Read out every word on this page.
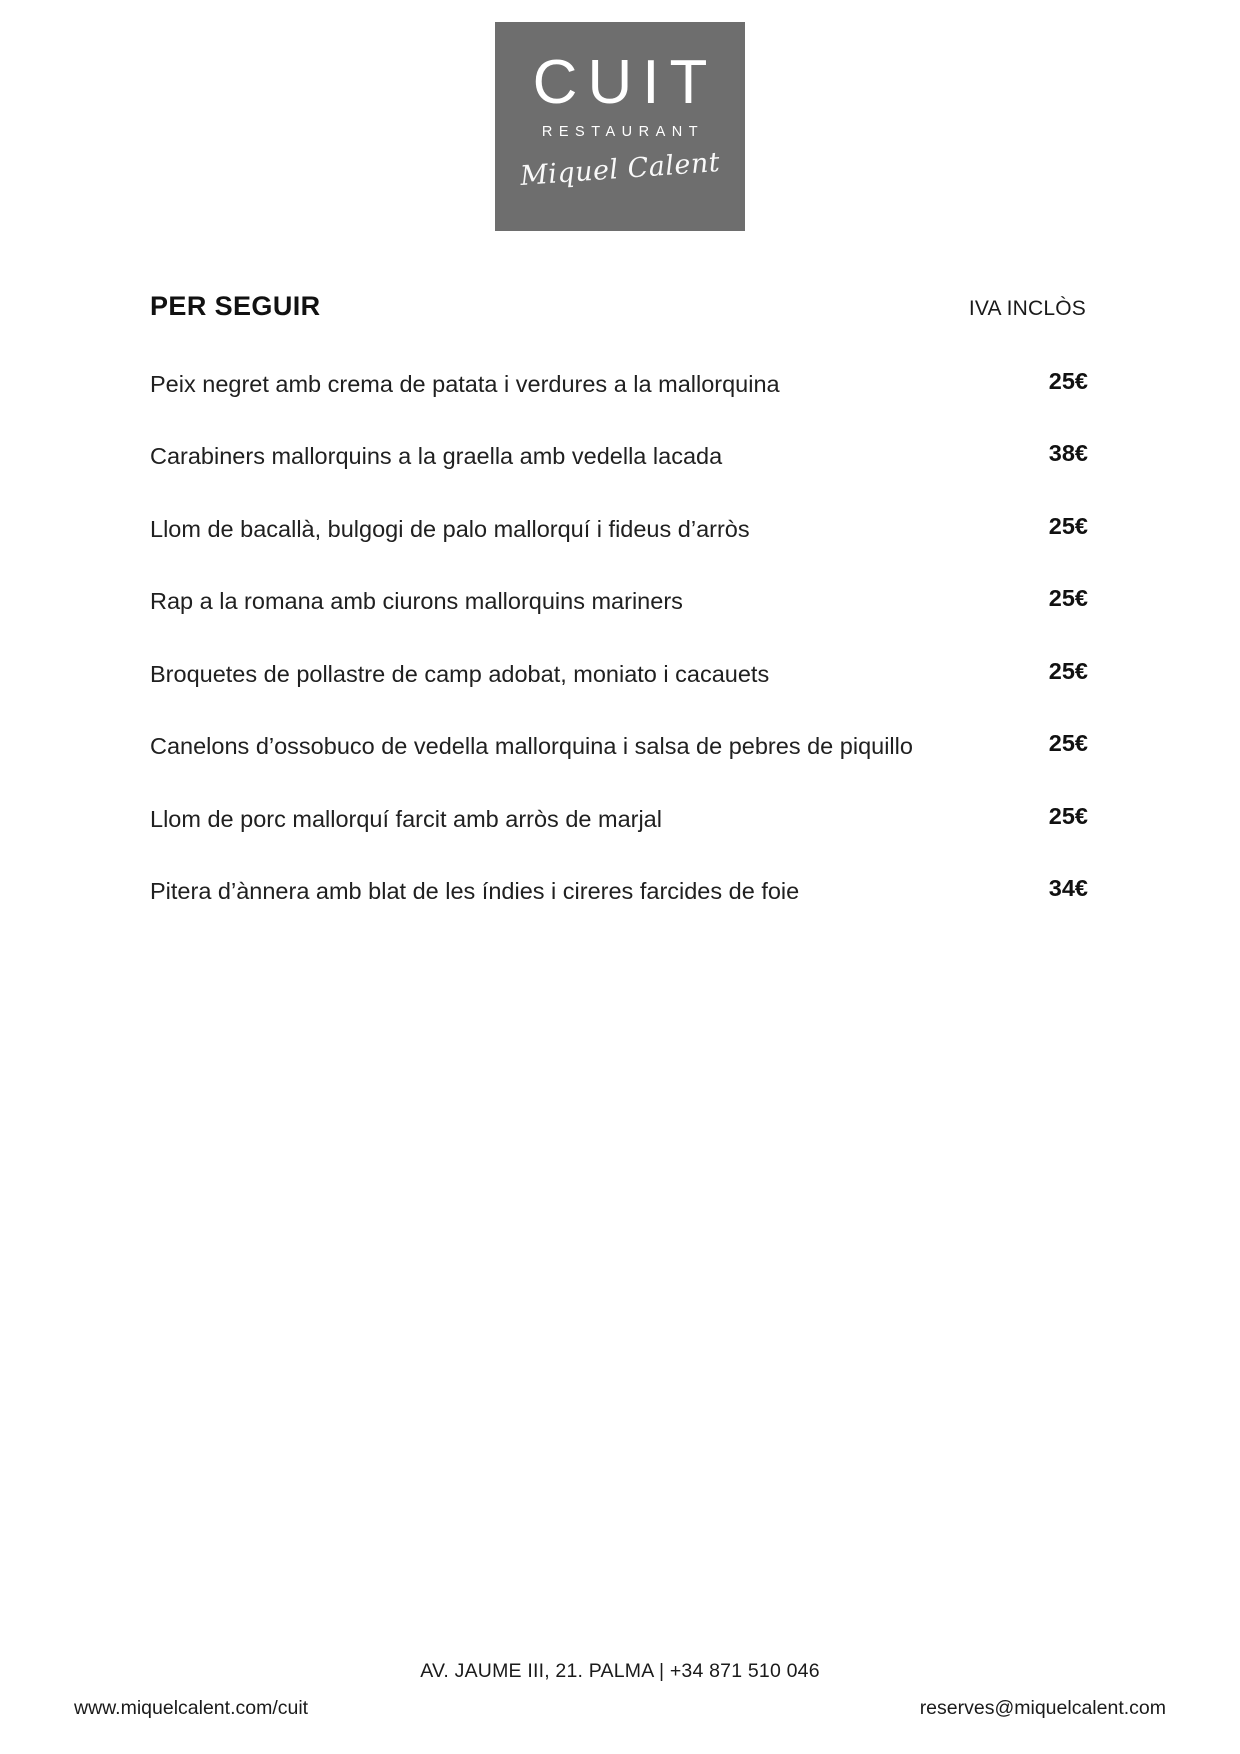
CUIT
RESTAURANT
Miquel Calent
PER SEGUIR	IVA INCLÒS
Peix negret amb crema de patata i verdures a la mallorquina	25€
Carabiners mallorquins a la graella amb vedella lacada	38€
Llom de bacallà, bulgogi de palo mallorquí i fideus d’arròs	25€
Rap a la romana amb ciurons mallorquins mariners	25€
Broquetes de pollastre de camp adobat, moniato i cacauets	25€
Canelons d’ossobuco de vedella mallorquina i salsa de pebres de piquillo	25€
Llom de porc mallorquí farcit amb arròs de marjal	25€
Pitera d’ànnera amb blat de les índies i cireres farcides de foie	34€
AV. JAUME III, 21. PALMA | +34 871 510 046
www.miquelcalent.com/cuit	reserves@miquelcalent.com
